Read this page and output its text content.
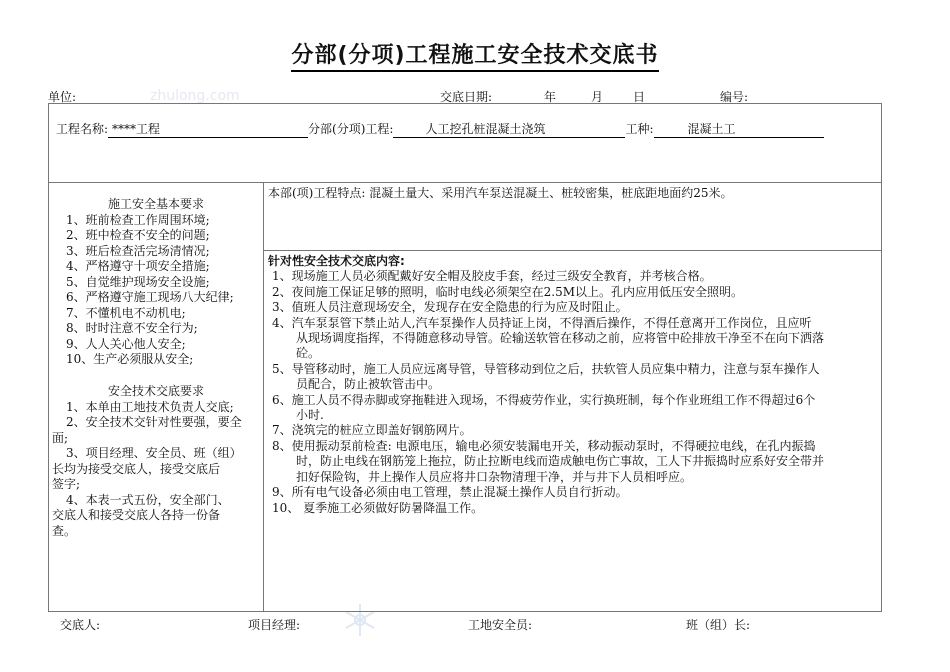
分部(分项)工程施工安全技术交底书
zhulong.com
单位:	交底日期:	年	月 日	编号:
工程名称: ****工程	分部(分项)工程:	人工挖孔桩混凝土浇筑	工种:	混凝土工
施工安全基本要求
1、班前检查工作周围环境;
2、班中检查不安全的问题;
3、班后检查活完场清情况;
4、严格遵守十项安全措施;
5、自觉维护现场安全设施;
6、严格遵守施工现场八大纪律;
7、不懂机电不动机电;
8、时时注意不安全行为;
9、人人关心他人安全;
10、生产必须服从安全;
安全技术交底要求
1、本单由工地技术负责人交底;
2、安全技术交针对性要强，要全
面;
3、项目经理、安全员、班（组）
长均为接受交底人，接受交底后
签字;
4、本表一式五份，安全部门、
交底人和接受交底人各持一份备
查。
本部(项)工程特点: 混凝土量大、采用汽车泵送混凝土、桩较密集，桩底距地面约25米。
针对性安全技术交底内容:
1、现场施工人员必须配戴好安全帽及胶皮手套，经过三级安全教育，并考核合格。
2、夜间施工保证足够的照明，临时电线必须架空在2.5M以上。孔内应用低压安全照明。
3、值班人员注意现场安全，发现存在安全隐患的行为应及时阻止。
4、汽车泵泵管下禁止站人,汽车泵操作人员持证上岗，不得酒后操作，不得任意离开工作岗位，且应听
从现场调度指挥，不得随意移动导管。砼输送软管在移动之前，应将管中砼排放干净至不在向下洒落
砼。
5、导管移动时，施工人员应远离导管，导管移动到位之后，扶软管人员应集中精力，注意与泵车操作人
员配合，防止被软管击中。
6、施工人员不得赤脚或穿拖鞋进入现场，不得疲劳作业，实行换班制，每个作业班组工作不得超过6个
小时.
7、浇筑完的桩应立即盖好钢筋网片。
8、使用振动泵前检查: 电源电压，输电必须安装漏电开关，移动振动泵时，不得硬拉电线，在孔内振捣
时，防止电线在钢筋笼上拖拉，防止拉断电线而造成触电伤亡事故，工人下井振捣时应系好安全带并
扣好保险钩，井上操作人员应将井口杂物清理干净，并与井下人员相呼应。
9、所有电气设备必须由电工管理，禁止混凝土操作人员自行折动。
10、 夏季施工必须做好防暑降温工作。
交底人:	项目经理:	工地安全员:	班（组）长:
